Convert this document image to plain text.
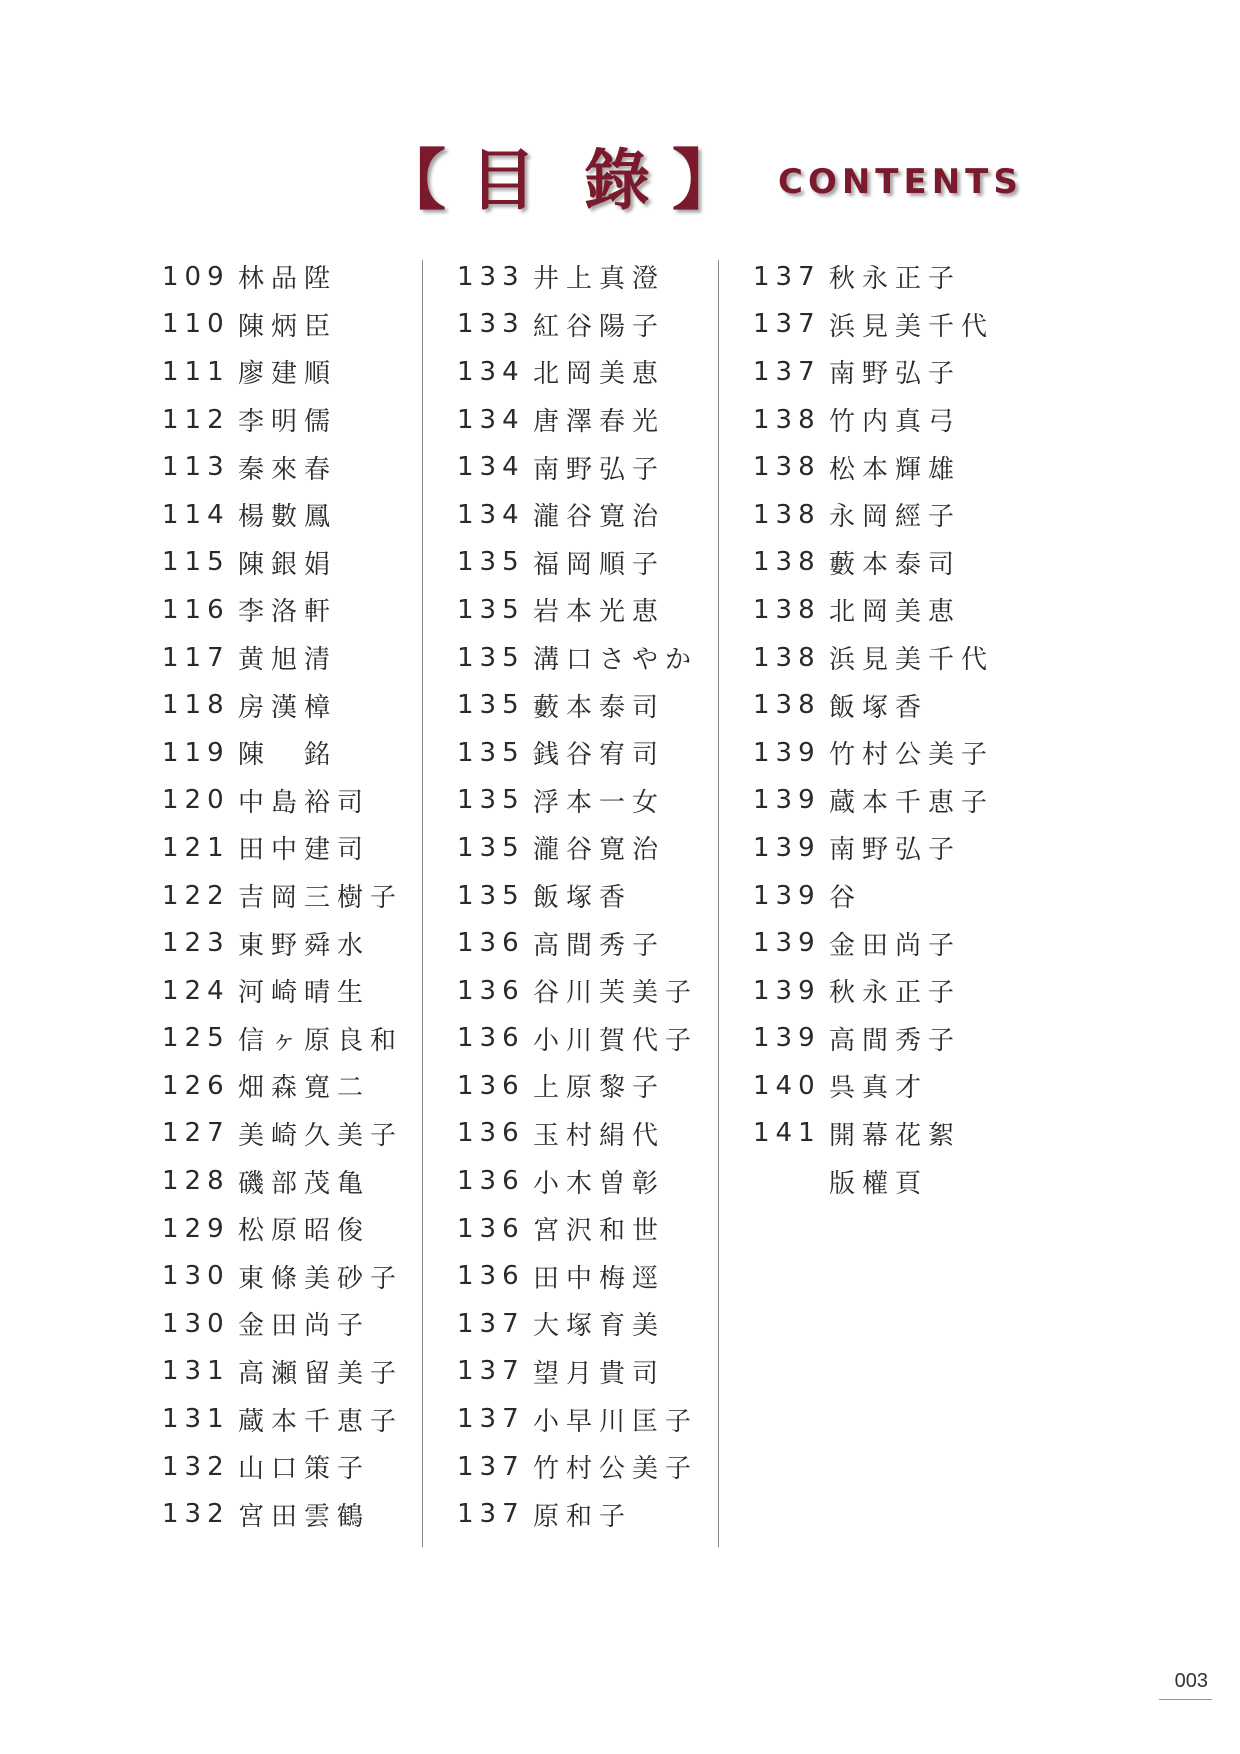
【 目 錄 】 CONTENTS
109 林品陞
110 陳炳臣
111 廖建順
112 李明儒
113 秦來春
114 楊數鳳
115 陳銀娟
116 李洛軒
117 黄旭清
118 房漢樟
119 陳　銘
120 中島裕司
121 田中建司
122 吉岡三樹子
123 東野舜水
124 河崎晴生
125 信ヶ原良和
126 畑森寛二
127 美崎久美子
128 磯部茂亀
129 松原昭俊
130 東條美砂子
130 金田尚子
131 高瀬留美子
131 蔵本千恵子
132 山口策子
132 宮田雲鶴
133 井上真澄
133 紅谷陽子
134 北岡美恵
134 唐澤春光
134 南野弘子
134 瀧谷寛治
135 福岡順子
135 岩本光恵
135 溝口さやか
135 藪本泰司
135 銭谷宥司
135 浮本一女
135 瀧谷寛治
135 飯塚香
136 高間秀子
136 谷川芙美子
136 小川賀代子
136 上原黎子
136 玉村絹代
136 小木曽彰
136 宮沢和世
136 田中梅逕
137 大塚育美
137 望月貴司
137 小早川匡子
137 竹村公美子
137 原和子
137 秋永正子
137 浜見美千代
137 南野弘子
138 竹内真弓
138 松本輝雄
138 永岡經子
138 藪本泰司
138 北岡美恵
138 浜見美千代
138 飯塚香
139 竹村公美子
139 蔵本千恵子
139 南野弘子
139 谷
139 金田尚子
139 秋永正子
139 高間秀子
140 呉真才
141 開幕花絮
版權頁
003
